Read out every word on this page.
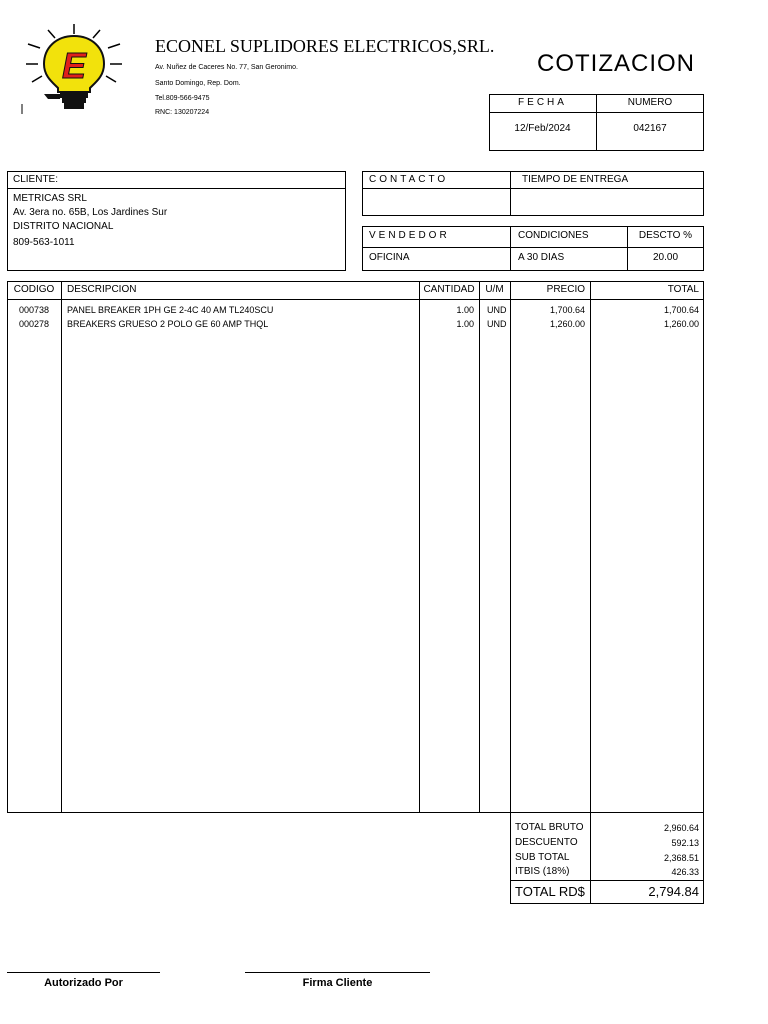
E	ECONEL SUPLIDORES ELECTRICOS,SRL.
Av. Nuñez de Caceres No. 77, San Geronimo.
Santo Domingo, Rep. Dom.
Tel.809-566-9475
RNC: 130207224
COTIZACION
FECHA	NUMERO
12/Feb/2024	042167
CLIENTE:
METRICAS SRL
Av. 3era no. 65B, Los Jardines Sur
DISTRITO NACIONAL
809-563-1011
CONTACTO	TIEMPO DE ENTREGA
VENDEDOR	CONDICIONES	DESCTO %
OFICINA	A 30 DIAS	20.00
CODIGO	DESCRIPCION	CANTIDAD	U/M	PRECIO	TOTAL
000738	PANEL BREAKER 1PH GE 2-4C 40 AM TL240SCU	1.00 UND	1,700.64	1,700.64
000278	BREAKERS GRUESO 2 POLO GE 60 AMP THQL	1.00 UND	1,260.00	1,260.00
TOTAL BRUTO	2,960.64
DESCUENTO	592.13
SUB TOTAL	2,368.51
ITBIS (18%)	426.33
TOTAL RD$	2,794.84
Autorizado Por	Firma Cliente
